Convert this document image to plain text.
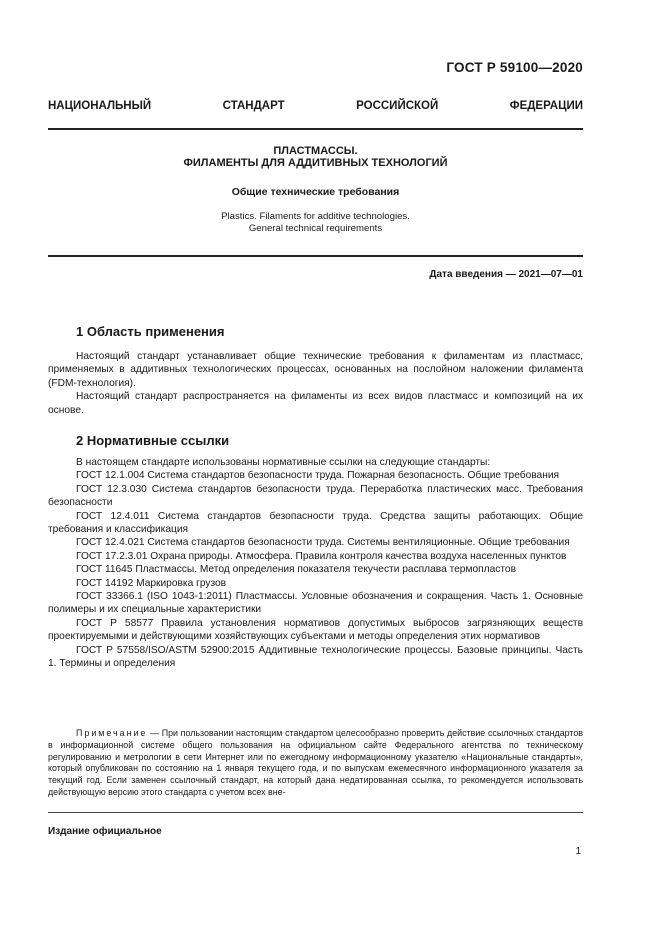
ГОСТ Р 59100—2020
НАЦИОНАЛЬНЫЙ СТАНДАРТ РОССИЙСКОЙ ФЕДЕРАЦИИ
ПЛАСТМАССЫ.
ФИЛАМЕНТЫ ДЛЯ АДДИТИВНЫХ ТЕХНОЛОГИЙ
Общие технические требования
Plastics. Filaments for additive technologies.
General technical requirements
Дата введения — 2021—07—01
1 Область применения

Настоящий стандарт устанавливает общие технические требования к филаментам из пластмасс, применяемых в аддитивных технологических процессах, основанных на послойном наложении филамента (FDM-технология).

Настоящий стандарт распространяется на филаменты из всех видов пластмасс и композиций на их основе.

2 Нормативные ссылки

В настоящем стандарте использованы нормативные ссылки на следующие стандарты:

ГОСТ 12.1.004 Система стандартов безопасности труда. Пожарная безопасность. Общие требования

ГОСТ 12.3.030 Система стандартов безопасности труда. Переработка пластических масс. Требования безопасности

ГОСТ 12.4.011 Система стандартов безопасности труда. Средства защиты работающих. Общие требования и классификация

ГОСТ 12.4.021 Система стандартов безопасности труда. Системы вентиляционные. Общие требования

ГОСТ 17.2.3.01 Охрана природы. Атмосфера. Правила контроля качества воздуха населенных пунктов

ГОСТ 11645 Пластмассы. Метод определения показателя текучести расплава термопластов

ГОСТ 14192 Маркировка грузов

ГОСТ 33366.1 (ISO 1043-1:2011) Пластмассы. Условные обозначения и сокращения. Часть 1. Основные полимеры и их специальные характеристики

ГОСТ Р 58577 Правила установления нормативов допустимых выбросов загрязняющих веществ проектируемыми и действующими хозяйствующих субъектами и методы определения этих нормативов

ГОСТ Р 57558/ISO/ASTM 52900:2015 Аддитивные технологические процессы. Базовые принципы. Часть 1. Термины и определения

Примечание — При пользовании настоящим стандартом целесообразно проверить действие ссылочных стандартов в информационной системе общего пользования на официальном сайте Федерального агентства по техническому регулированию и метрологии в сети Интернет или по ежегодному информационному указателю «Национальные стандарты», который опубликован по состоянию на 1 января текущего года, и по выпускам ежемесячного информационного указателя за текущий год. Если заменен ссылочный стандарт, на который дана недатированная ссылка, то рекомендуется использовать действующую версию этого стандарта с учетом всех вне-

Издание официальное
1
